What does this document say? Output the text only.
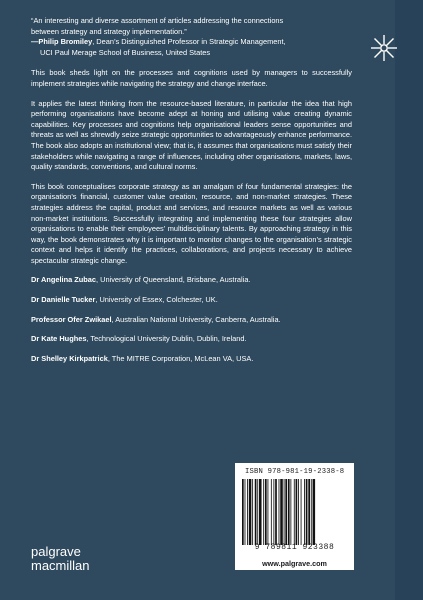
“An interesting and diverse assortment of articles addressing the connections
between strategy and strategy implementation.”
—Philip Bromiley, Dean’s Distinguished Professor in Strategic Management,
UCI Paul Merage School of Business, United States

This book sheds light on the processes and cognitions used by managers to successfully implement strategies while navigating the strategy and change interface.

It applies the latest thinking from the resource-based literature, in particular the idea that high performing organisations have become adept at honing and utilising value creating dynamic capabilities. Key processes and cognitions help organisational leaders sense opportunities and threats as well as shrewdly seize strategic opportunities to advantageously enhance performance. The book also adopts an institutional view; that is, it assumes that organisations must satisfy their stakeholders while navigating a range of influences, including other organisations, markets, laws, quality standards, conventions, and cultural norms.

This book conceptualises corporate strategy as an amalgam of four fundamental strategies: the organisation’s financial, customer value creation, resource, and non-market strategies. These strategies address the capital, product and services, and resource markets as well as various non-market institutions. Successfully integrating and implementing these four strategies allow organisations to enable their employees’ multidisciplinary talents. By approaching strategy in this way, the book demonstrates why it is important to monitor changes to the organisation’s strategic context and helps it identify the practices, collaborations, and projects necessary to achieve spectacular strategic change.

Dr Angelina Zubac, University of Queensland, Brisbane, Australia.
Dr Danielle Tucker, University of Essex, Colchester, UK.
Professor Ofer Zwikael, Australian National University, Canberra, Australia.
Dr Kate Hughes, Technological University Dublin, Dublin, Ireland.
Dr Shelley Kirkpatrick, The MITRE Corporation, McLean VA, USA.
ISBN 978-981-19-2338-8
9 789811 923388
www.palgrave.com
palgrave
macmillan
